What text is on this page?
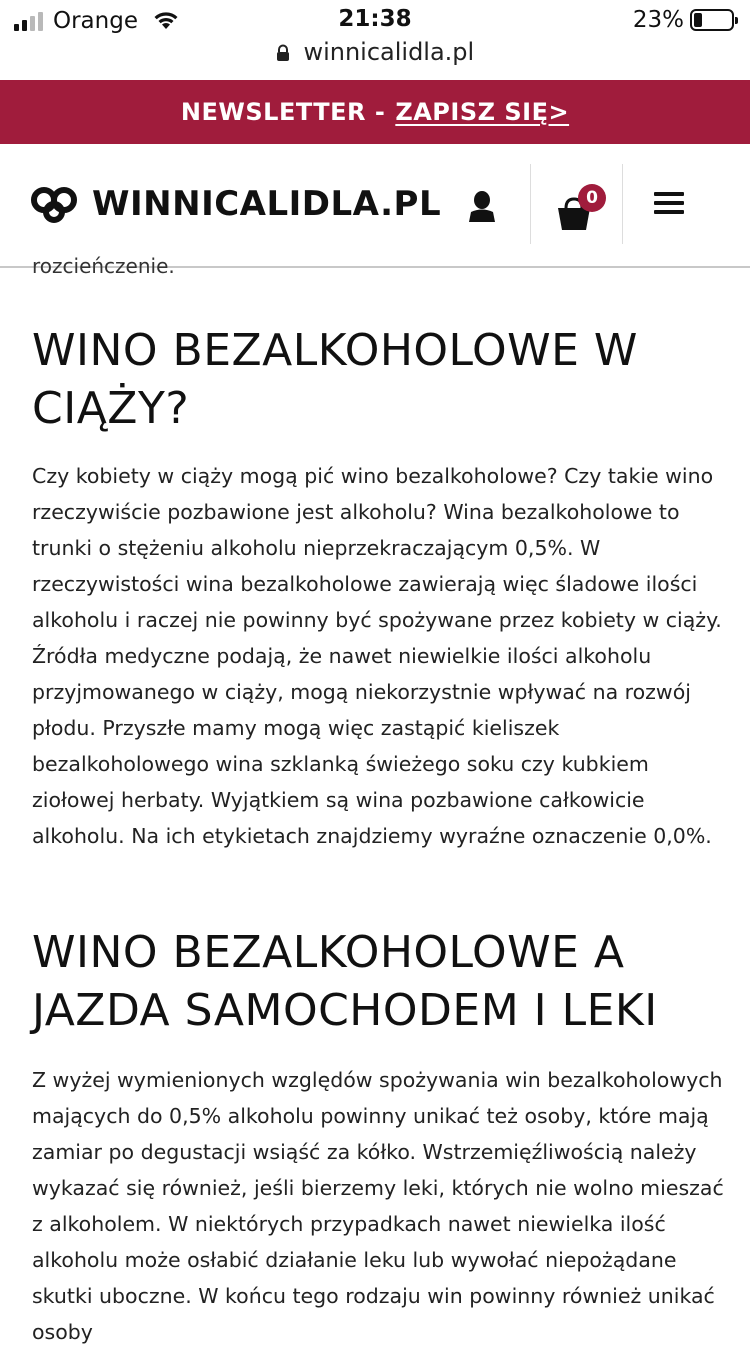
Orange	21:38	23%
winnicalidla.pl
NEWSLETTER - ZAPISZ SIĘ>
WINNICALIDLA.PL	0
rozcieńczenie.
WINO BEZALKOHOLOWE W CIĄŻY?

Czy kobiety w ciąży mogą pić wino bezalkoholowe? Czy takie wino rzeczywiście pozbawione jest alkoholu? Wina bezalkoholowe to trunki o stężeniu alkoholu nieprzekraczającym 0,5%. W rzeczywistości wina bezalkoholowe zawierają więc śladowe ilości alkoholu i raczej nie powinny być spożywane przez kobiety w ciąży. Źródła medyczne podają, że nawet niewielkie ilości alkoholu przyjmowanego w ciąży, mogą niekorzystnie wpływać na rozwój płodu. Przyszłe mamy mogą więc zastąpić kieliszek bezalkoholowego wina szklanką świeżego soku czy kubkiem ziołowej herbaty. Wyjątkiem są wina pozbawione całkowicie alkoholu. Na ich etykietach znajdziemy wyraźne oznaczenie 0,0%.

WINO BEZALKOHOLOWE A JAZDA SAMOCHODEM I LEKI

Z wyżej wymienionych względów spożywania win bezalkoholowych mających do 0,5% alkoholu powinny unikać też osoby, które mają zamiar po degustacji wsiąść za kółko. Wstrzemięźliwością należy wykazać się również, jeśli bierzemy leki, których nie wolno mieszać z alkoholem. W niektórych przypadkach nawet niewielka ilość alkoholu może osłabić działanie leku lub wywołać niepożądane skutki uboczne. W końcu tego rodzaju win powinny również unikać osoby
